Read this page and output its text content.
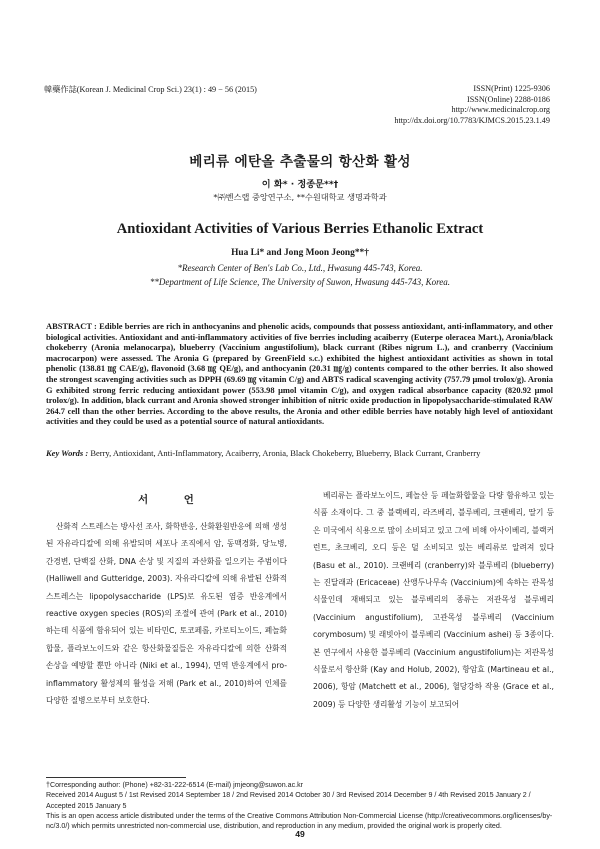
韓藥作誌(Korean J. Medicinal Crop Sci.) 23(1) : 49 − 56 (2015)	ISSN(Print) 1225-9306
ISSN(Online) 2288-0186
http://www.medicinalcrop.org
http://dx.doi.org/10.7783/KJMCS.2015.23.1.49
베리류 에탄올 추출물의 항산화 활성
이 화* · 정종문**†
*㈜벤스랩 중앙연구소, **수원대학교 생명과학과
Antioxidant Activities of Various Berries Ethanolic Extract
Hua Li* and Jong Moon Jeong**†
*Research Center of Ben's Lab Co., Ltd., Hwasung 445-743, Korea.
**Department of Life Science, The University of Suwon, Hwasung 445-743, Korea.
ABSTRACT : Edible berries are rich in anthocyanins and phenolic acids, compounds that possess antioxidant, anti-inflammatory, and other biological activities. Antioxidant and anti-inflammatory activities of five berries including acaiberry (Euterpe oleracea Mart.), Aronia/black chokeberry (Aronia melanocarpa), blueberry (Vaccinium angustifolium), black currant (Ribes nigrum L.), and cranberry (Vaccinium macrocarpon) were assessed. The Aronia G (prepared by GreenField s.c.) exhibited the highest antioxidant activities as shown in total phenolic (138.81 ㎎ CAE/g), flavonoid (3.68 ㎎ QE/g), and anthocyanin (20.31 ㎎/g) contents compared to the other berries. It also showed the strongest scavenging activities such as DPPH (69.69 ㎎ vitamin C/g) and ABTS radical scavenging activity (757.79 μmol trolox/g). Aronia G exhibited strong ferric reducing antioxidant power (553.98 μmol vitamin C/g), and oxygen radical absorbance capacity (820.92 μmol trolox/g). In addition, black currant and Aronia showed stronger inhibition of nitric oxide production in lipopolysaccharide-stimulated RAW 264.7 cell than the other berries. According to the above results, the Aronia and other edible berries have notably high level of antioxidant activities and they could be used as a potential source of natural antioxidants.
Key Words : Berry, Antioxidant, Anti-Inflammatory, Acaiberry, Aronia, Black Chokeberry, Blueberry, Black Currant, Cranberry
서 언
산화적 스트레스는 방사선 조사, 화학반응, 산화환원반응에 의해 생성된 자유라디칼에 의해 유발되며 세포나 조직에서 암, 동맥경화, 당뇨병, 간경변, 단백질 산화, DNA 손상 및 지질의 과산화를 일으키는 주범이다 (Halliwell and Gutteridge, 2003). 자유라디칼에 의해 유발된 산화적 스트레스는 lipopolysaccharide (LPS)로 유도된 염증 반응계에서 reactive oxygen species (ROS)의 조절에 관여 (Park et al., 2010)하는데 식품에 함유되어 있는 비타민C, 토코페롤, 카로티노이드, 폐놀화합물, 플라보노이드와 같은 항산화물질들은 자유라디칼에 의한 산화적 손상을 예방할 뿐만 아니라 (Niki et al., 1994), 면역 반응계에서 pro-inflammatory 활성제의 활성을 저해 (Park et al., 2010)하여 인체를 다양한 질병으로부터 보호한다.
베리류는 플라보노이드, 페놀산 등 페놀화합물을 다량 함유하고 있는 식품 소재이다. 그 중 블랙베리, 라즈베리, 블루베리, 크랜베리, 딸기 등은 미국에서 식용으로 많이 소비되고 있고 그에 비해 아사이베리, 블랙커런트, 초크베리, 오디 등은 덜 소비되고 있는 베리류로 알려져 있다 (Basu et al., 2010). 크랜베리 (cranberry)와 블루베리 (blueberry)는 진달래과 (Ericaceae) 산앵두나무속 (Vaccinium)에 속하는 관목성 식물인데 재배되고 있는 블루베리의 종류는 저관목성 블루베리 (Vaccinium angustifolium), 고관목성 블루베리 (Vaccinium corymbosum) 및 래빗아이 블루베리 (Vaccinium ashei) 등 3종이다. 본 연구에서 사용한 블루베리 (Vaccinium angustifolium)는 저관목성 식물로서 항산화 (Kay and Holub, 2002), 항암효 (Martineau et al., 2006), 항암 (Matchett et al., 2006), 혈당강하 작용 (Grace et al., 2009) 등 다양한 생리활성 기능이 보고되어

†Corresponding author: (Phone) +82-31-222-6514 (E-mail) jmjeong@suwon.ac.kr

Received 2014 August 5 / 1st Revised 2014 September 18 / 2nd Revised 2014 October 30 / 3rd Revised 2014 December 9 / 4th Revised 2015 January 2 / Accepted 2015 January 5

This is an open access article distributed under the terms of the Creative Commons Attribution Non-Commercial License (http://creativecommons.org/licenses/by-nc/3.0/) which permits unrestricted non-commercial use, distribution, and reproduction in any medium, provided the original work is properly cited.

49
